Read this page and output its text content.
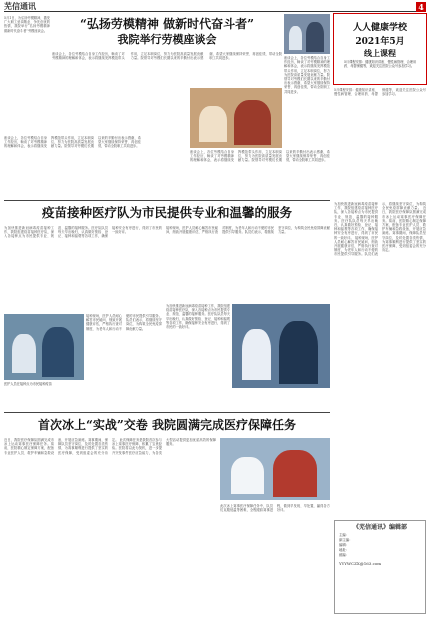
芜信通讯	4
5月1日，为弘扬劳模精神，激发广大职工爱岗敬业、争先创优的热情，我院举行“弘扬劳模精神 做新时代奋斗者”劳模座谈会。	“弘扬劳模精神 做新时代奋斗者”
我院举行劳模座谈会
座谈会上，各位劳模结合自身工作经历，畅谈了对劳模精神的理解和体会，表示将继续发挥模范带头作用，立足本职岗位，努力为医院高质量发展贡献力量。院领导对劳模们长期以来的辛勤付出表示感谢，希望大家继续保持荣誉、再创佳绩，带动全院职工共同进步。	座谈会上，各位劳模结合自身工作经历，畅谈了对劳模精神的理解和体会，表示将继续发挥模范带头作用，立足本职岗位，努力为医院高质量发展贡献力量。院领导对劳模们长期以来的辛勤付出表示感谢，希望大家继续保持荣誉、再创佳绩，带动全院职工共同进步。
座谈会上，各位劳模结合自身工作经历，畅谈了对劳模精神的理解和体会，表示将继续发挥模范带头作用，立足本职岗位，努力为医院高质量发展贡献力量。院领导对劳模们长期以来的辛勤付出表示感谢，希望大家继续保持荣誉、再创佳绩，带动全院职工共同进步。
座谈会上，各位劳模结合自身工作经历，畅谈了对劳模精神的理解和体会，表示将继续发挥模范带头作用，立足本职岗位，努力为医院高质量发展贡献力量。院领导对劳模们长期以来的辛勤付出表示感谢，希望大家继续保持荣誉、再创佳绩，带动全院职工共同进步。
人人健康学校
2021年5月
线上课程
5月课程安排：健康知识讲座、慢性病管理、合理用药、母婴保健等，欢迎关注医院公众号参加学习。
5月课程安排：健康知识讲座、慢性病管理、合理用药、母婴保健等，欢迎关注医院公众号参加学习。
疫苗接种医疗队为市民提供专业和温馨的服务
为加快推进新冠病毒疫苗接种工作，我院组建疫苗接种医疗队，深入各接种点为市民提供专业、规范、温馨的接种服务。医疗队队员每天早出晚归，认真做好预检、登记、接种和留观等各项工作，确保接种安全有序进行，得到了市民的一致好评。
接种现场，医护人员耐心解答市民疑问，细致开展健康评估，严格执行查对制度，为老年人和行动不便的市民提供引导服务。队员们表示，将继续坚守岗位，为构筑全民免疫屏障贡献力量。
接种现场，医护人员耐心解答市民疑问，细致开展健康评估，严格执行查对制度，为老年人和行动不便的市民提供引导服务。队员们表示，将继续坚守岗位，为构筑全民免疫屏障贡献力量。
为加快推进新冠病毒疫苗接种工作，我院组建疫苗接种医疗队，深入各接种点为市民提供专业、规范、温馨的接种服务。医疗队队员每天早出晚归，认真做好预检、登记、接种和留观等各项工作，确保接种安全有序进行，得到了市民的一致好评。
医护人员在接种点为市民接种疫苗
为加快推进新冠病毒疫苗接种工作，我院组建疫苗接种医疗队，深入各接种点为市民提供专业、规范、温馨的接种服务。医疗队队员每天早出晚归，认真做好预检、登记、接种和留观等各项工作，确保接种安全有序进行，得到了市民的一致好评。 接种现场，医护人员耐心解答市民疑问，细致开展健康评估，严格执行查对制度，为老年人和行动不便的市民提供引导服务。队员们表示，将继续坚守岗位，为构筑全民免疫屏障贡献力量。 近日，我院医疗保障队圆满完成市冰上运动赛事医疗保障任务。赛前，医院精心制定保障方案，配备专业医护人员、救护车辆和急救设备，开展应急演练。赛事期间，保障队员坚守岗位，及时处置各类伤情，为赛事顺利进行提供了坚实的医疗保障，受到组委会的充分肯定。
首次冰上“实战”交卷 我院圆满完成医疗保障任务
近日，我院医疗保障队圆满完成市冰上运动赛事医疗保障任务。赛前，医院精心制定保障方案，配备专业医护人员、救护车辆和急救设备，开展应急演练。赛事期间，保障队员坚守岗位，及时处置各类伤情，为赛事顺利进行提供了坚实的医疗保障，受到组委会的充分肯定。 此次保障任务是我院首次参与冰上赛事医疗保障，积累了宝贵经验。医院将以此为契机，进一步提升突发事件医疗应急能力，为各类大型活动提供更加优质高效的保障服务。
此次冰上赛事医疗保障任务中，队员们克服低温等困难，全程跟踪赛事进程，做到早发现、早处置，赢得各方好评。
《芜信通讯》编辑部
主编：
副主编：
编辑：
地址：
邮编：
YYYWCZX@163.com
